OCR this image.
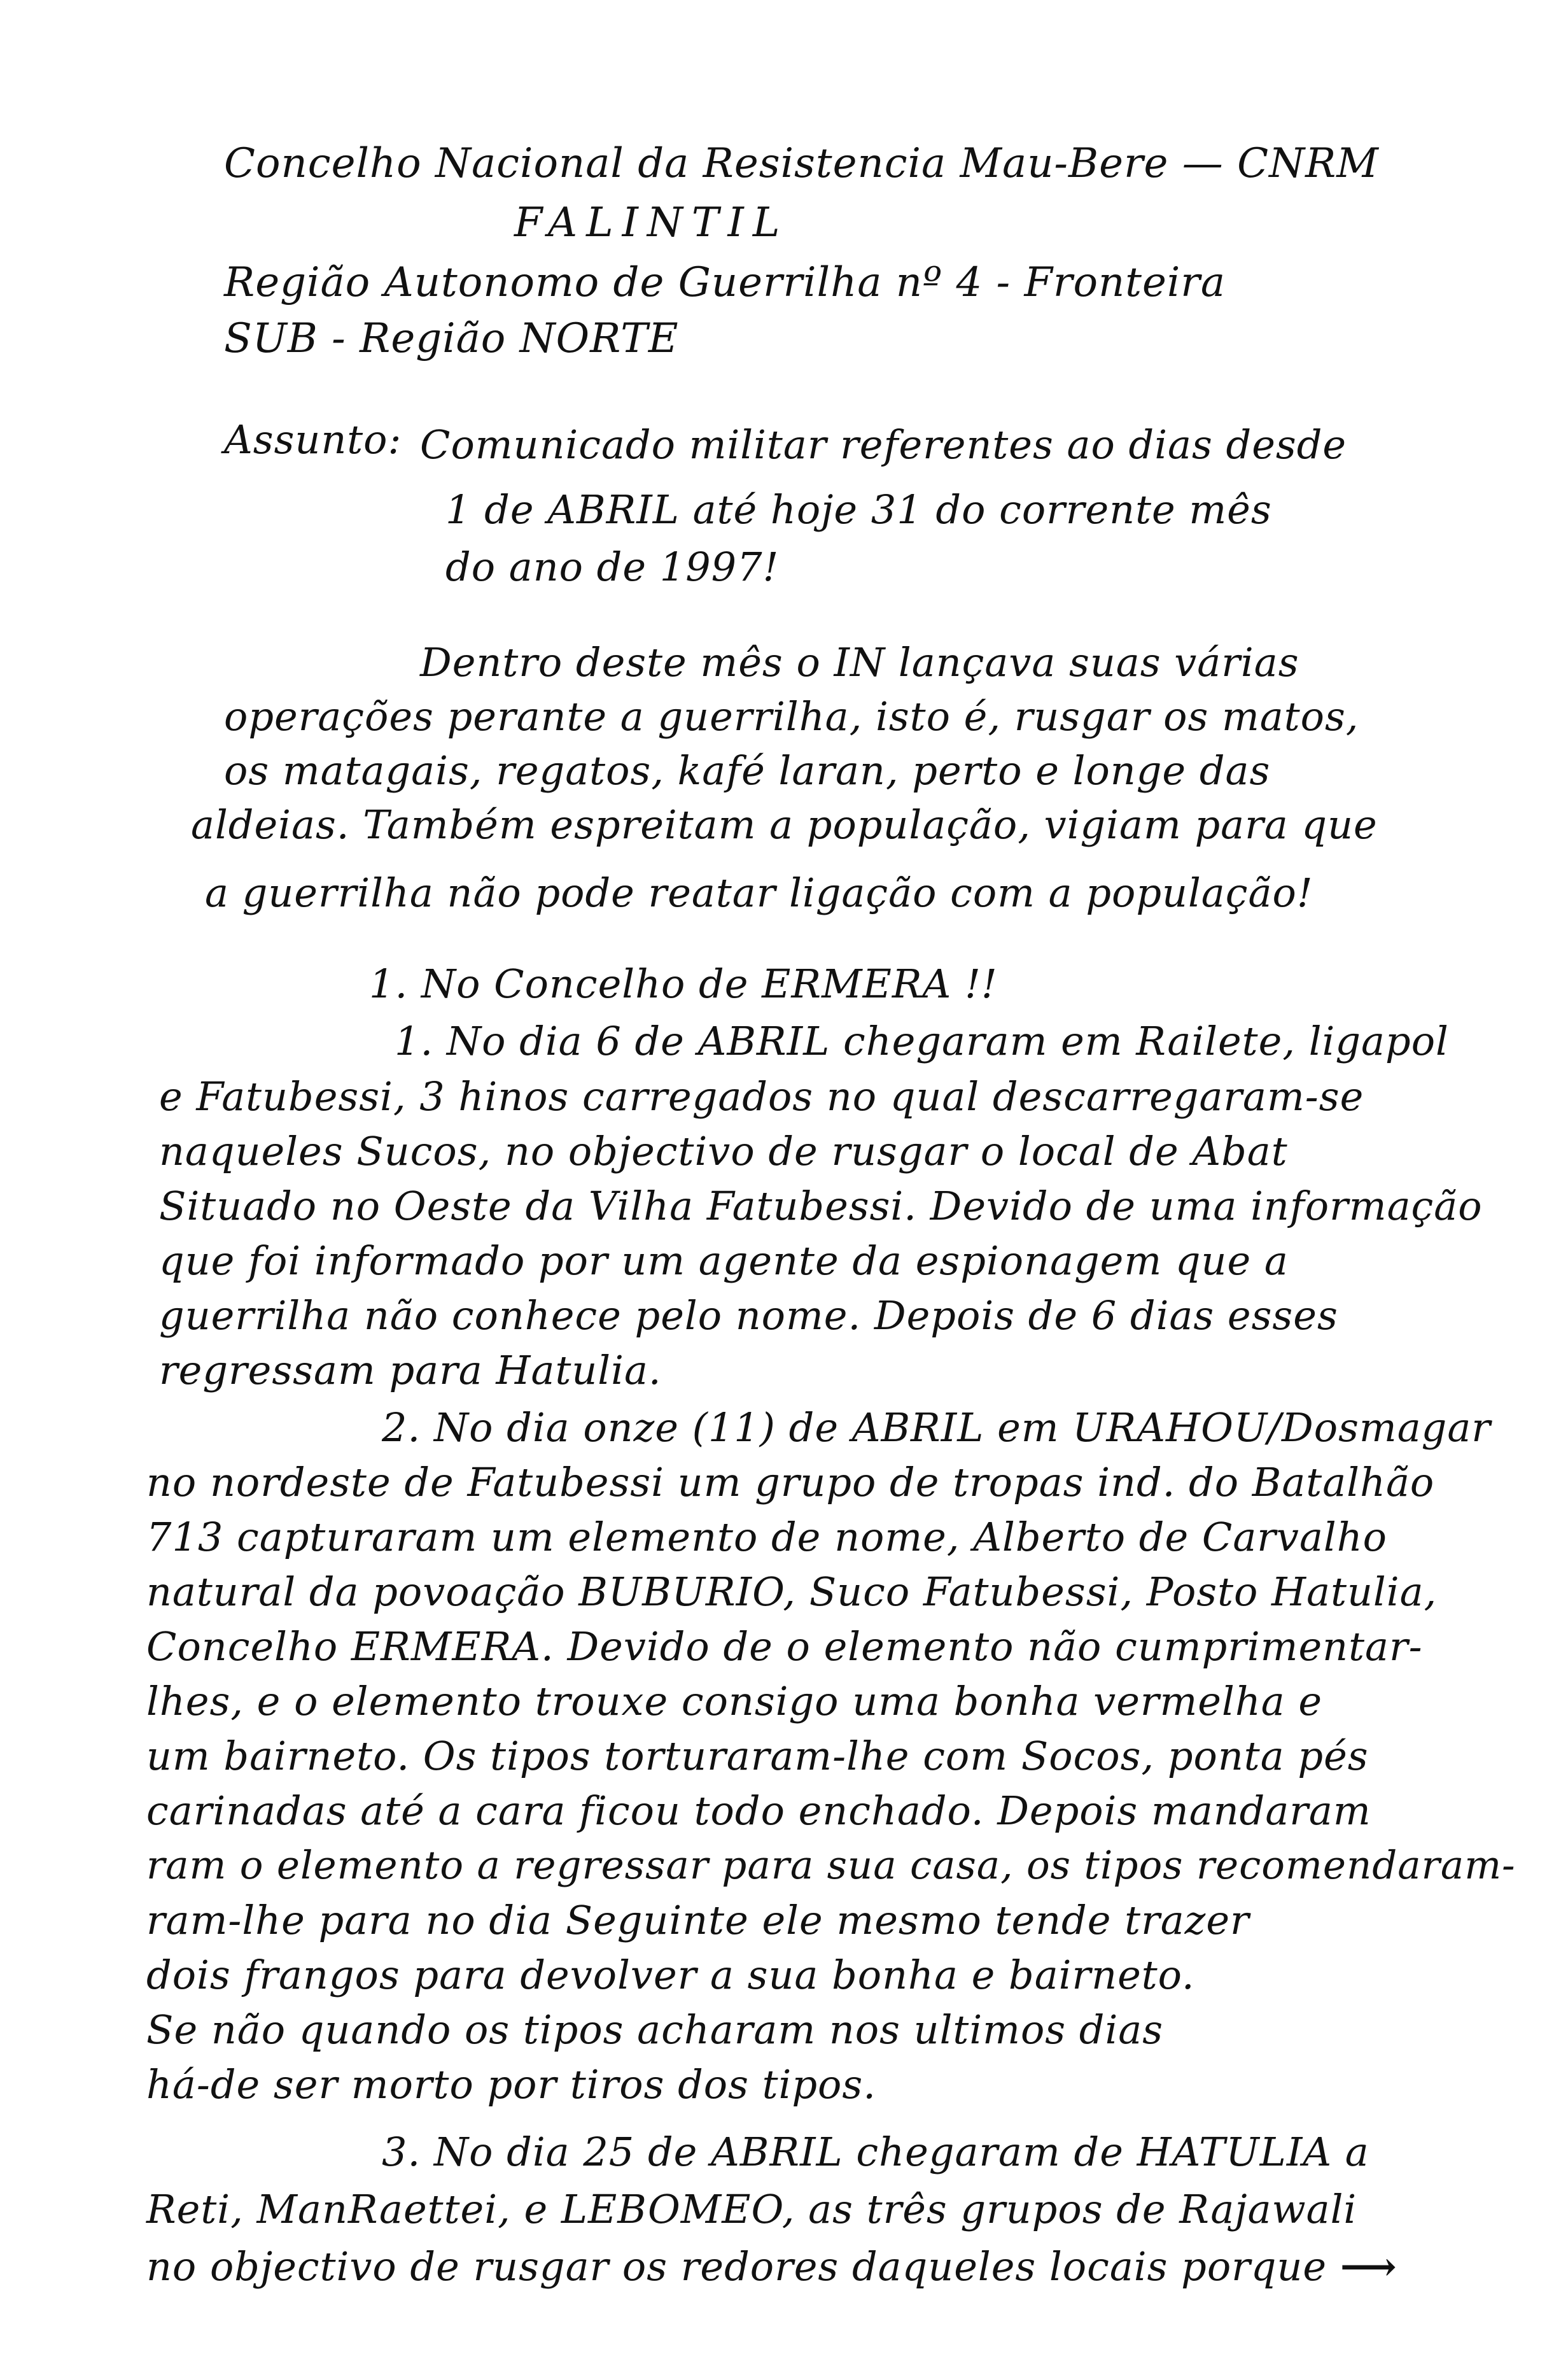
Concelho Nacional da Resistencia Mau-Bere — CNRM
FALINTIL
Região Autonomo de Guerrilha nº 4 - Fronteira
SUB - Região NORTE
Assunto: Comunicado militar referentes ao dias desde
1 de ABRIL até hoje 31 do corrente mês
do ano de 1997!
Dentro deste mês o IN lançava suas várias
operações perante a guerrilha, isto é, rusgar os matos,
os matagais, regatos, kafé laran, perto e longe das
aldeias. Também espreitam a população, vigiam para que
a guerrilha não pode reatar ligação com a população!
1. No Concelho de ERMERA !!
1. No dia 6 de ABRIL chegaram em Railete, ligapol
e Fatubessi, 3 hinos carregados no qual descarregaram-se
naqueles Sucos, no objectivo de rusgar o local de Abat
Situado no Oeste da Vilha Fatubessi. Devido de uma informação
que foi informado por um agente da espionagem que a
guerrilha não conhece pelo nome. Depois de 6 dias esses
regressam para Hatulia.
2. No dia onze (11) de ABRIL em URAHOU/Dosmagar
no nordeste de Fatubessi um grupo de tropas ind. do Batalhão
713 capturaram um elemento de nome, Alberto de Carvalho
natural da povoação BUBURIO, Suco Fatubessi, Posto Hatulia,
Concelho ERMERA. Devido de o elemento não cumprimentar-
lhes, e o elemento trouxe consigo uma bonha vermelha e
um bairneto. Os tipos torturaram-lhe com Socos, ponta pés
carinadas até a cara ficou todo enchado. Depois mandaram
ram o elemento a regressar para sua casa, os tipos recomendaram-
ram-lhe para no dia Seguinte ele mesmo tende trazer
dois frangos para devolver a sua bonha e bairneto.
Se não quando os tipos acharam nos ultimos dias
há-de ser morto por tiros dos tipos.
3. No dia 25 de ABRIL chegaram de HATULIA a
Reti, ManRaettei, e LEBOMEO, as três grupos de Rajawali
no objectivo de rusgar os redores daqueles locais porque ⟶
